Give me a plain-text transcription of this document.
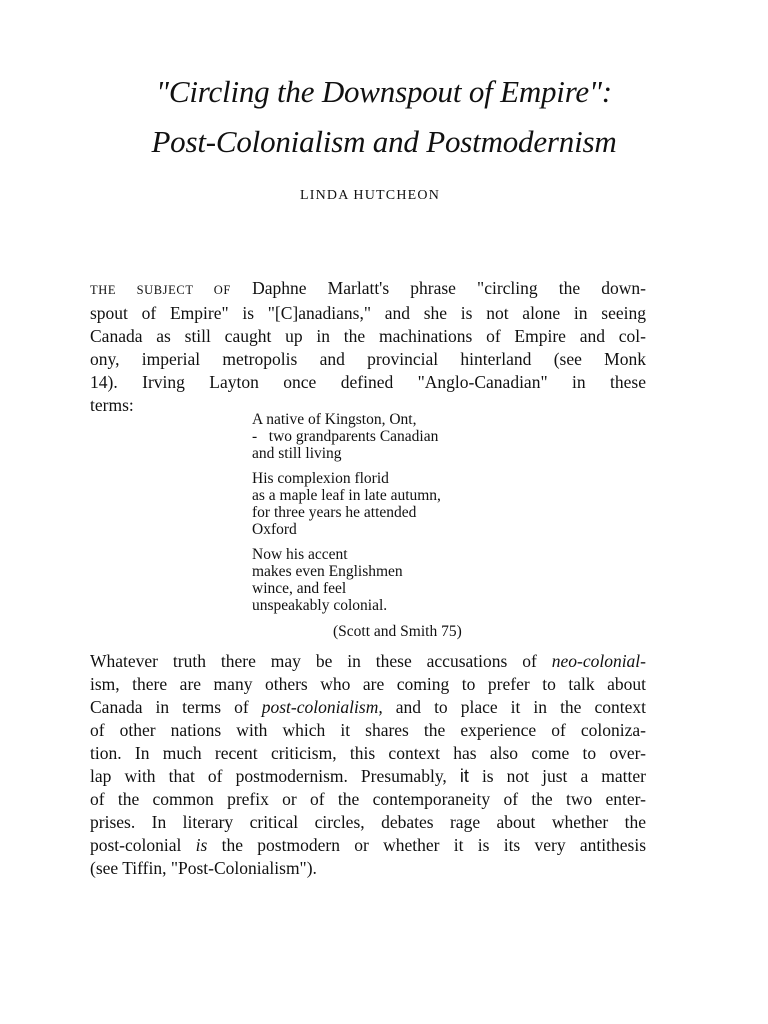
"Circling the Downspout of Empire":
Post-Colonialism and Postmodernism
LINDA HUTCHEON
THE SUBJECT OF Daphne Marlatt's phrase "circling the down-
spout of Empire" is "[C]anadians," and she is not alone in seeing
Canada as still caught up in the machinations of Empire and col-
ony, imperial metropolis and provincial hinterland (see Monk
14). Irving Layton once defined "Anglo-Canadian" in these
terms:
A native of Kingston, Ont,
-   two grandparents Canadian
and still living
His complexion florid
as a maple leaf in late autumn,
for three years he attended
Oxford
Now his accent
makes even Englishmen
wince, and feel
unspeakably colonial.
(Scott and Smith 75)
Whatever truth there may be in these accusations of neo-colonial-
ism, there are many others who are coming to prefer to talk about
Canada in terms of post-colonialism, and to place it in the context
of other nations with which it shares the experience of coloniza-
tion. In much recent criticism, this context has also come to over-
lap with that of postmodernism. Presumably, it is not just a matter
of the common prefix or of the contemporaneity of the two enter-
prises. In literary critical circles, debates rage about whether the
post-colonial is the postmodern or whether it is its very antithesis
(see Tiffin, "Post-Colonialism").
